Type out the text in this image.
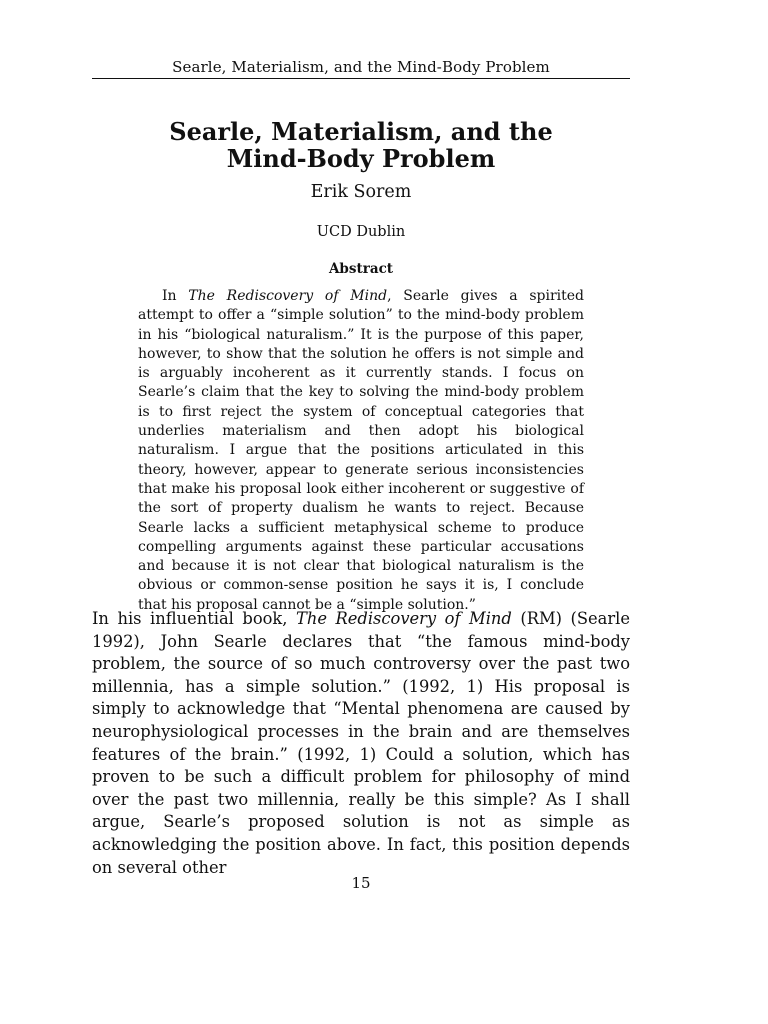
Searle, Materialism, and the Mind-Body Problem
Searle, Materialism, and the
Mind-Body Problem
Erik Sorem
UCD Dublin
Abstract

In The Rediscovery of Mind, Searle gives a spirited attempt to offer a “simple solution” to the mind-body problem in his “biological naturalism.” It is the purpose of this paper, however, to show that the solution he offers is not simple and is arguably incoherent as it currently stands. I focus on Searle’s claim that the key to solving the mind-body problem is to first reject the system of conceptual categories that underlies materialism and then adopt his biological naturalism. I argue that the positions articulated in this theory, however, appear to generate serious inconsistencies that make his proposal look either incoherent or suggestive of the sort of property dualism he wants to reject. Because Searle lacks a sufficient metaphysical scheme to produce compelling arguments against these particular accusations and because it is not clear that biological naturalism is the obvious or common-sense position he says it is, I conclude that his proposal cannot be a “simple solution.”

In his influential book, The Rediscovery of Mind (RM) (Searle 1992), John Searle declares that “the famous mind-body problem, the source of so much controversy over the past two millennia, has a simple solution.” (1992, 1) His proposal is simply to acknowledge that “Mental phenomena are caused by neurophysiological processes in the brain and are themselves features of the brain.” (1992, 1) Could a solution, which has proven to be such a difficult problem for philosophy of mind over the past two millennia, really be this simple? As I shall argue, Searle’s proposed solution is not as simple as acknowledging the position above. In fact, this position depends on several other

15
